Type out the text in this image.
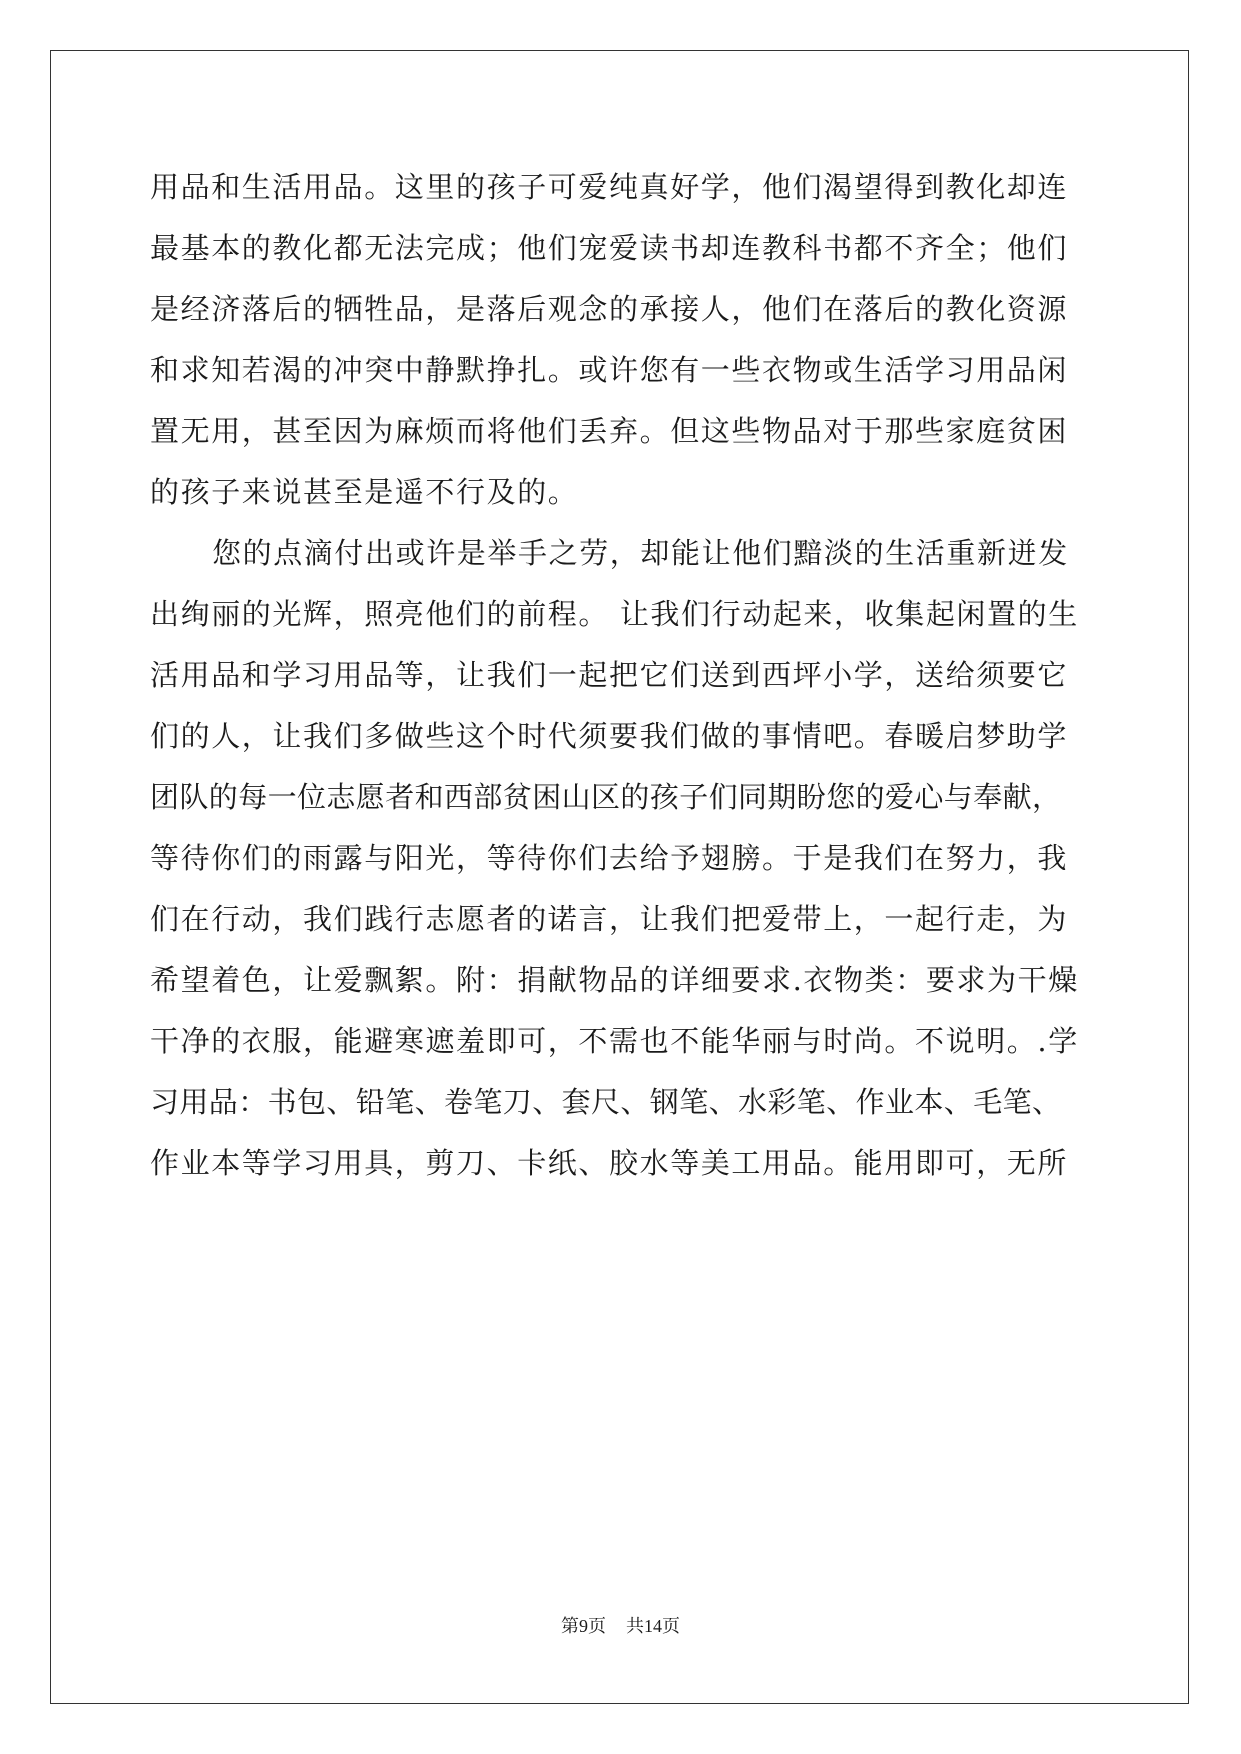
用品和生活用品。这里的孩子可爱纯真好学，他们渴望得到教化却连
最基本的教化都无法完成；他们宠爱读书却连教科书都不齐全；他们
是经济落后的牺牲品，是落后观念的承接人，他们在落后的教化资源
和求知若渴的冲突中静默挣扎。或许您有一些衣物或生活学习用品闲
置无用，甚至因为麻烦而将他们丢弃。但这些物品对于那些家庭贫困
的孩子来说甚至是遥不行及的。
您的点滴付出或许是举手之劳，却能让他们黯淡的生活重新迸发
出绚丽的光辉，照亮他们的前程。 让我们行动起来，收集起闲置的生
活用品和学习用品等，让我们一起把它们送到西坪小学，送给须要它
们的人，让我们多做些这个时代须要我们做的事情吧。春暖启梦助学
团队的每一位志愿者和西部贫困山区的孩子们同期盼您的爱心与奉献，
等待你们的雨露与阳光，等待你们去给予翅膀。于是我们在努力，我
们在行动，我们践行志愿者的诺言，让我们把爱带上，一起行走，为
希望着色，让爱飘絮。附：捐献物品的详细要求.衣物类：要求为干燥
干净的衣服，能避寒遮羞即可，不需也不能华丽与时尚。不说明。.学
习用品：书包、铅笔、卷笔刀、套尺、钢笔、水彩笔、作业本、毛笔、
作业本等学习用具，剪刀、卡纸、胶水等美工用品。能用即可，无所
第9页 共14页
